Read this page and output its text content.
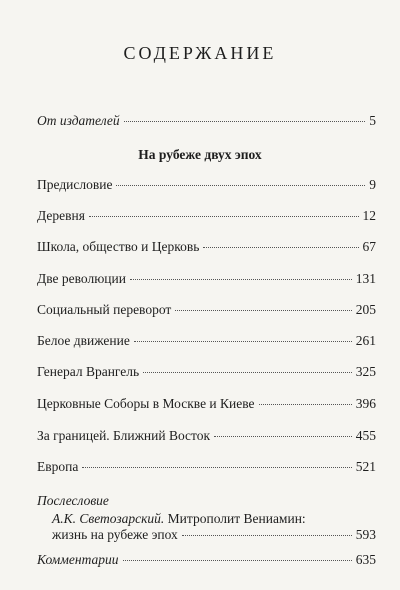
СОДЕРЖАНИЕ
От издателей	5
На рубеже двух эпох
Предисловие	9
Деревня	12
Школа, общество и Церковь	67
Две революции	131
Социальный переворот	205
Белое движение	261
Генерал Врангель	325
Церковные Соборы в Москве и Киеве	396
За границей. Ближний Восток	455
Европа	521
Послесловие
А.К. Светозарский. Митрополит Вениамин:
жизнь на рубеже эпох	593
Комментарии	635
